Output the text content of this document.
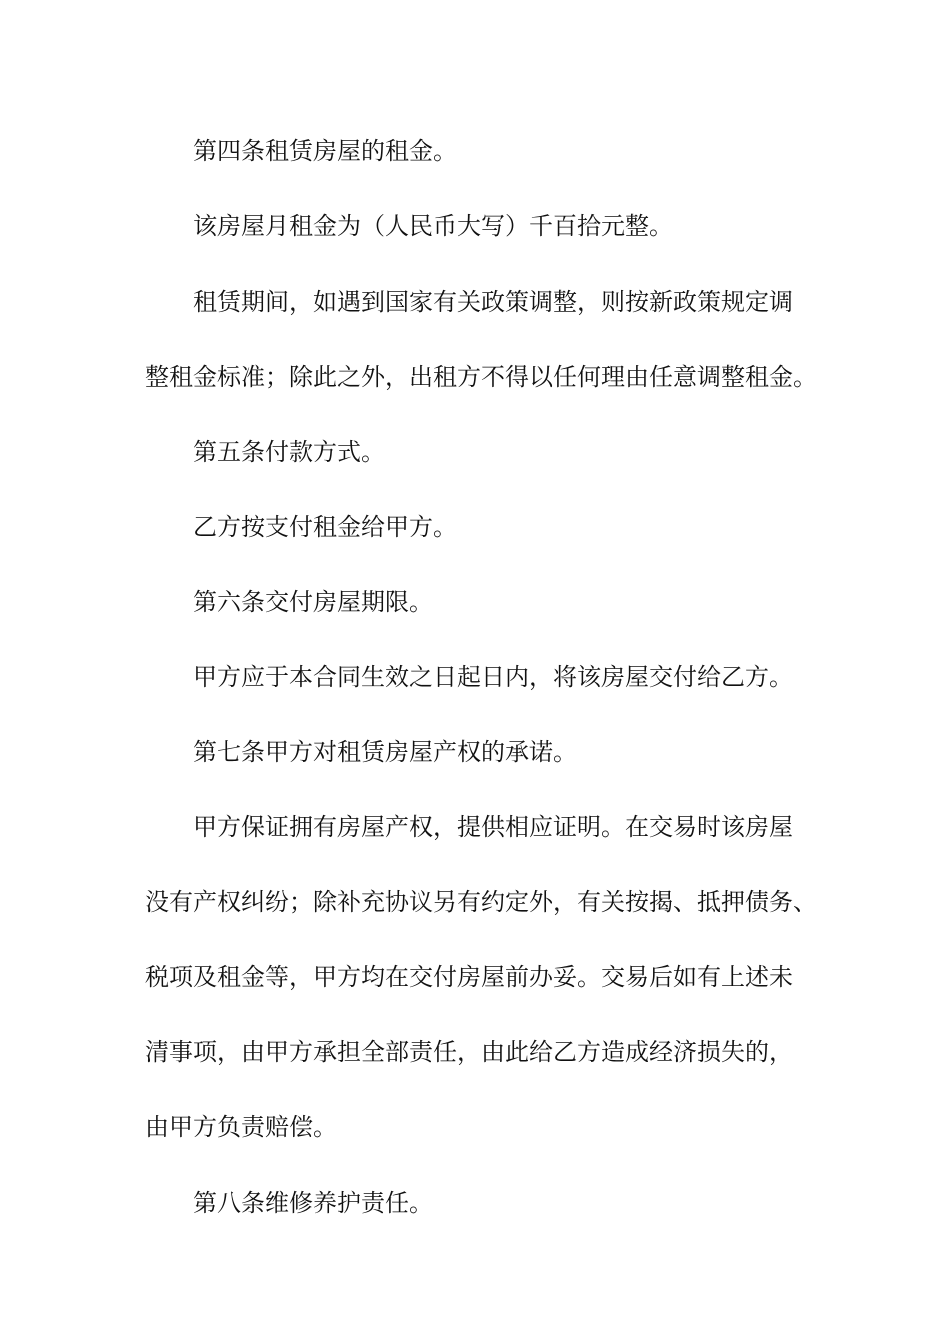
第四条租赁房屋的租金。
该房屋月租金为（人民币大写）千百拾元整。
租赁期间，如遇到国家有关政策调整，则按新政策规定调
整租金标准；除此之外，出租方不得以任何理由任意调整租金。
第五条付款方式。
乙方按支付租金给甲方。
第六条交付房屋期限。
甲方应于本合同生效之日起日内，将该房屋交付给乙方。
第七条甲方对租赁房屋产权的承诺。
甲方保证拥有房屋产权，提供相应证明。在交易时该房屋
没有产权纠纷；除补充协议另有约定外，有关按揭、抵押债务、
税项及租金等，甲方均在交付房屋前办妥。交易后如有上述未
清事项，由甲方承担全部责任，由此给乙方造成经济损失的，
由甲方负责赔偿。
第八条维修养护责任。
